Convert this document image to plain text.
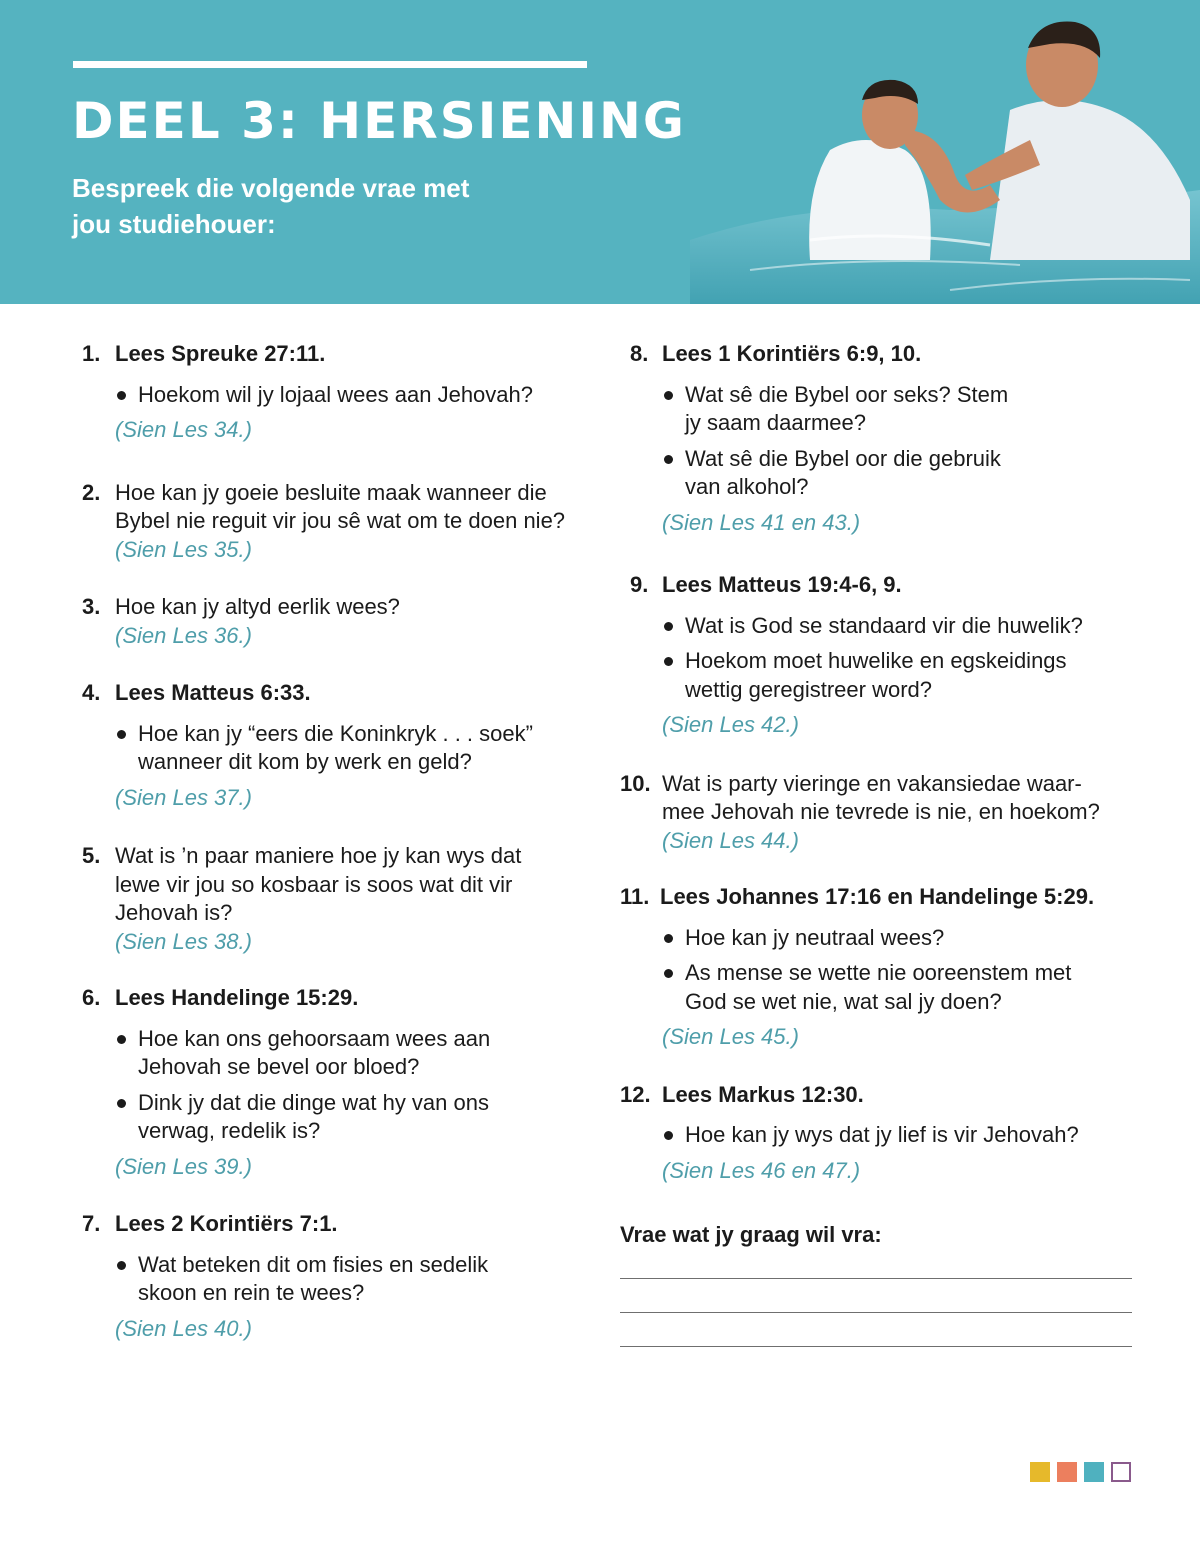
DEEL 3: HERSIENING
Bespreek die volgende vrae met
jou studiehouer:
1. Lees Spreuke 27:11.

Hoekom wil jy lojaal wees aan Jehovah?

(Sien Les 34.)

2. Hoe kan jy goeie besluite maak wanneer die Bybel nie reguit vir jou sê wat om te doen nie?

(Sien Les 35.)

3. Hoe kan jy altyd eerlik wees?

(Sien Les 36.)

4. Lees Matteus 6:33.

Hoe kan jy “eers die Koninkryk . . . soek” wanneer dit kom by werk en geld?

(Sien Les 37.)

5. Wat is ’n paar maniere hoe jy kan wys dat lewe vir jou so kosbaar is soos wat dit vir Jehovah is?

(Sien Les 38.)

6. Lees Handelinge 15:29.

Hoe kan ons gehoorsaam wees aan Jehovah se bevel oor bloed?
Dink jy dat die dinge wat hy van ons verwag, redelik is?

(Sien Les 39.)

7. Lees 2 Korintiërs 7:1.

Wat beteken dit om fisies en sedelik skoon en rein te wees?

(Sien Les 40.)

8. Lees 1 Korintiërs 6:9, 10.

Wat sê die Bybel oor seks? Stem jy saam daarmee?
Wat sê die Bybel oor die gebruik van alkohol?

(Sien Les 41 en 43.)

9. Lees Matteus 19:4-6, 9.

Wat is God se standaard vir die huwelik?
Hoekom moet huwelike en egskeidings wettig geregistreer word?

(Sien Les 42.)

10. Wat is party vieringe en vakansiedae waar-mee Jehovah nie tevrede is nie, en hoekom?

(Sien Les 44.)

11. Lees Johannes 17:16 en Handelinge 5:29.

Hoe kan jy neutraal wees?
As mense se wette nie ooreenstem met God se wet nie, wat sal jy doen?

(Sien Les 45.)

12. Lees Markus 12:30.

Hoe kan jy wys dat jy lief is vir Jehovah?

(Sien Les 46 en 47.)

Vrae wat jy graag wil vra:
